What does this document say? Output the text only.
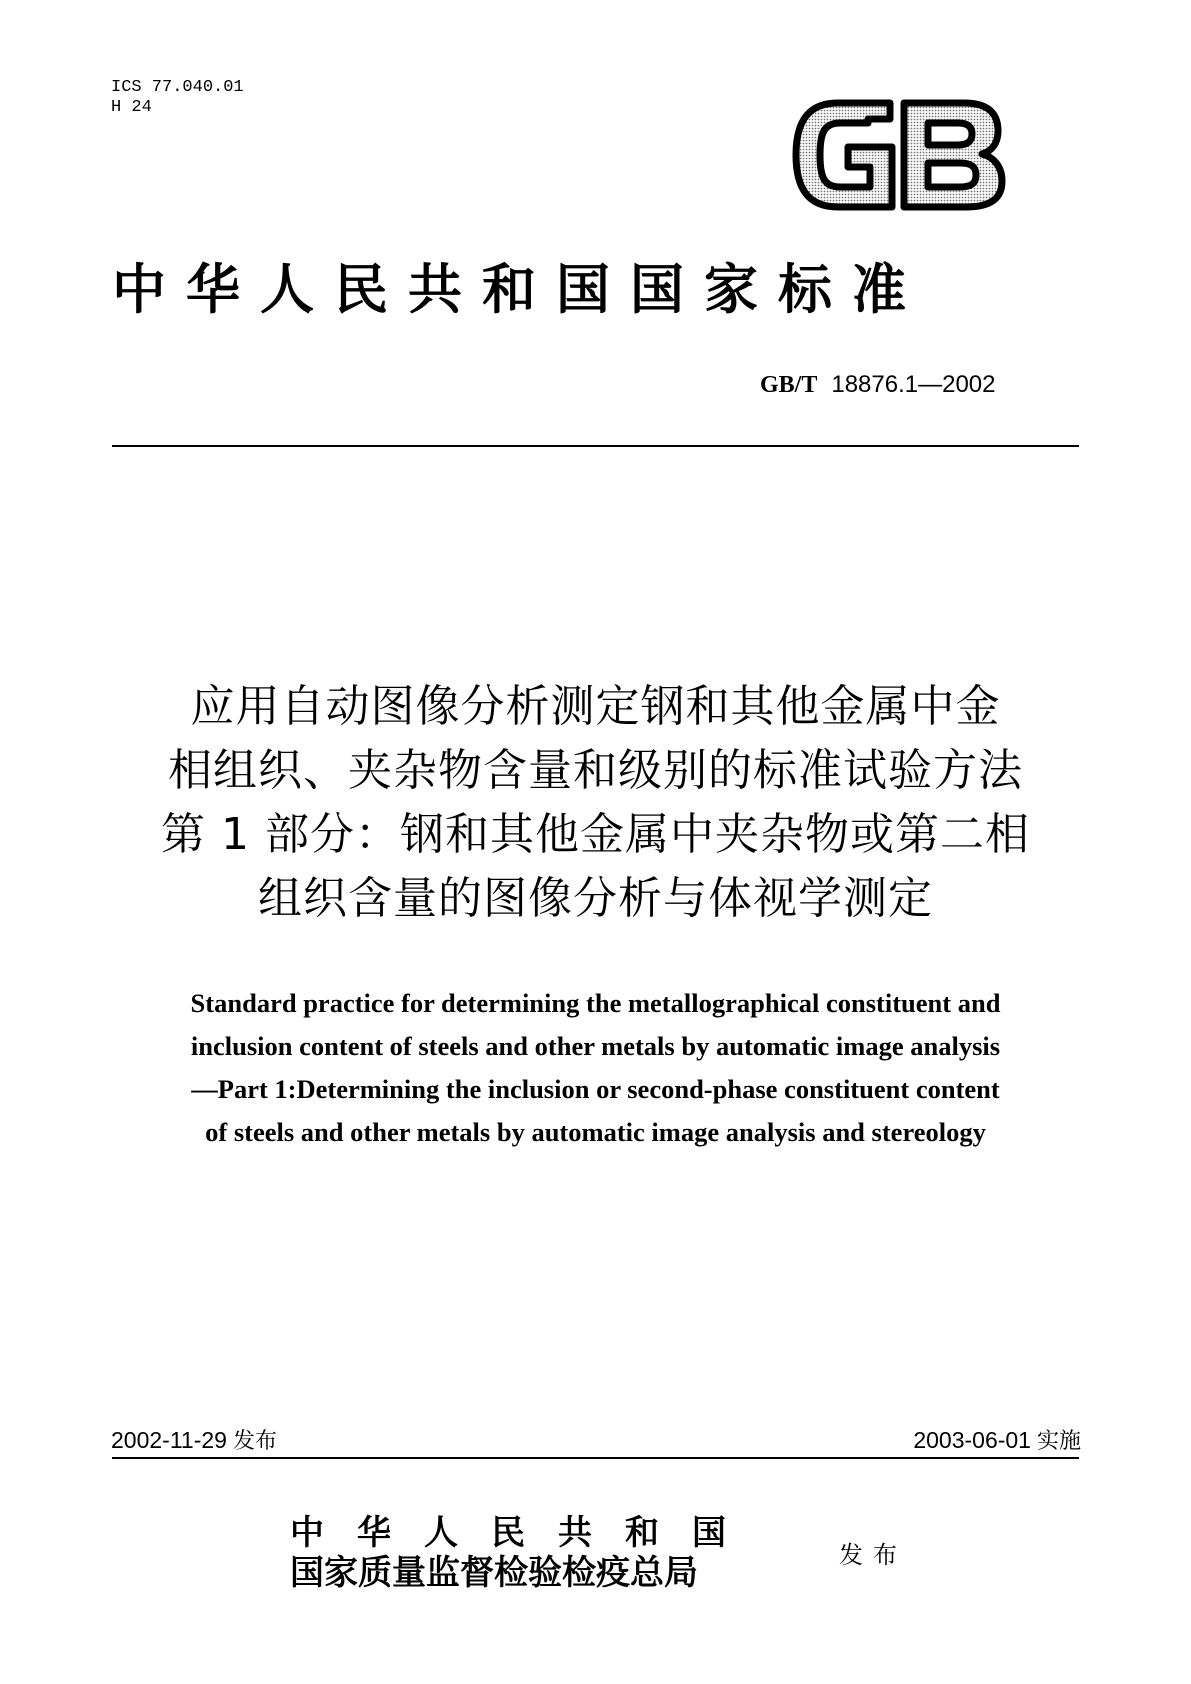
ICS 77.040.01
H 24
中华人民共和国国家标准
GB/T 18876.1—2002
应用自动图像分析测定钢和其他金属中金
相组织、夹杂物含量和级别的标准试验方法
第 1 部分：钢和其他金属中夹杂物或第二相
组织含量的图像分析与体视学测定
Standard practice for determining the metallographical constituent and
inclusion content of steels and other metals by automatic image analysis
—Part 1:Determining the inclusion or second-phase constituent content
of steels and other metals by automatic image analysis and stereology
2002-11-29 发布	2003-06-01 实施
中华人民共和国
国家质量监督检验检疫总局	发布
